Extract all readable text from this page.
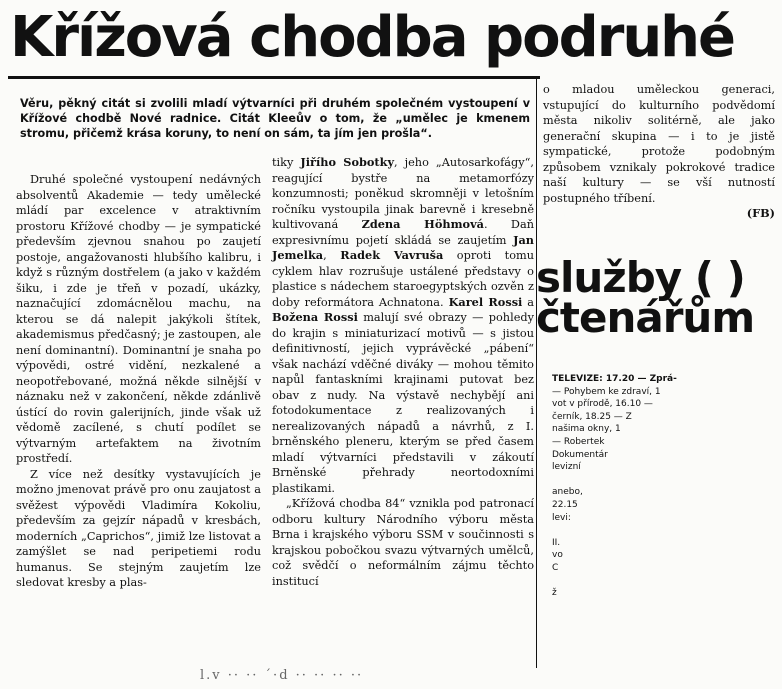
Křížová chodba podruhé
Věru, pěkný citát si zvolili mladí výtvarníci při druhém společném vystoupení v Křížové chodbě Nové radnice. Citát Kleeův o tom, že „umělec je kmenem stromu, přičemž krása koruny, to není on sám, ta jím jen prošla“.

Druhé společné vystoupení nedávných absolventů Akademie — tedy umělecké mládí par excelence v atraktivním prostoru Křížové chodby — je sympatické především zjevnou snahou po zaujetí postoje, angažovanosti hlubšího kalibru, i když s různým dostřelem (a jako v každém šiku, i zde je třeň v pozadí, ukázky, naznačující zdomácnělou machu, na kterou se dá nalepit jakýkoli štítek, akademismus předčasný; je zastoupen, ale není dominantní). Dominantní je snaha po výpovědi, ostré vidění, nezkalené a neopotřebované, možná někde silnější v náznaku než v zakončení, někde zdánlivě ústící do rovin galerijních, jinde však už vědomě zacílené, s chutí podílet se výtvarným artefaktem na životním prostředí.

Z více než desítky vystavujících je možno jmenovat právě pro onu zaujatost a svěžest výpovědi Vladimíra Kokoliu, především za gejzír nápadů v kresbách, moderních „Caprichos“, jimiž lze listovat a zamýšlet se nad peripetiemi rodu humanus. Se stejným zaujetím lze sledovat kresby a plas-

tiky Jiřího Sobotky, jeho „Autosarkofágy“, reagující bystře na metamorfózy konzumnosti; poněkud skromněji v letošním ročníku vystoupila jinak barevně i kresebně kultivovaná Zdena Höhmová. Daň expresivnímu pojetí skládá se zaujetím Jan Jemelka, Radek Vavruša oproti tomu cyklem hlav rozrušuje ustálené představy o plastice s nádechem staroegyptských ozvěn z doby reformátora Achnatona. Karel Rossi a Božena Rossi malují své obrazy — pohledy do krajin s miniaturizací motivů — s jistou definitivností, jejich vyprávěcké „pábení“ však nachází vděčné diváky — mohou těmito napůl fantaskními krajinami putovat bez obav z nudy. Na výstavě nechybějí ani fotodokumentace z realizovaných i nerealizovaných nápadů a návrhů, z I. brněnského pleneru, kterým se před časem mladí výtvarníci představili v zákoutí Brněnské přehrady neortodoxními plastikami.

„Křížová chodba 84“ vznikla pod patronací odboru kultury Národního výboru města Brna i krajského výboru SSM v součinnosti s krajskou pobočkou svazu výtvarných umělců, což svědčí o neformálním zájmu těchto institucí

o mladou uměleckou generaci, vstupující do kulturního podvědomí města nikoliv solitérně, ale jako generační skupina — i to je jistě sympatické, protože podobným způsobem vznikaly pokrokové tradice naší kultury — se vší nutností postupného tříbení.

(FB)
služby ( )
čtenářům
TELEVIZE: 17.20 — Zprá-
— Pohybem ke zdraví, 1
vot v přírodě, 16.10 —
černík, 18.25 — Z
našima okny, 1
— Robertek
Dokumentár
levizní

anebo,
22.15
levi:

II.
vo
C

ž
l.v ·· ·· ˊ·d ·· ·· ·· ··
